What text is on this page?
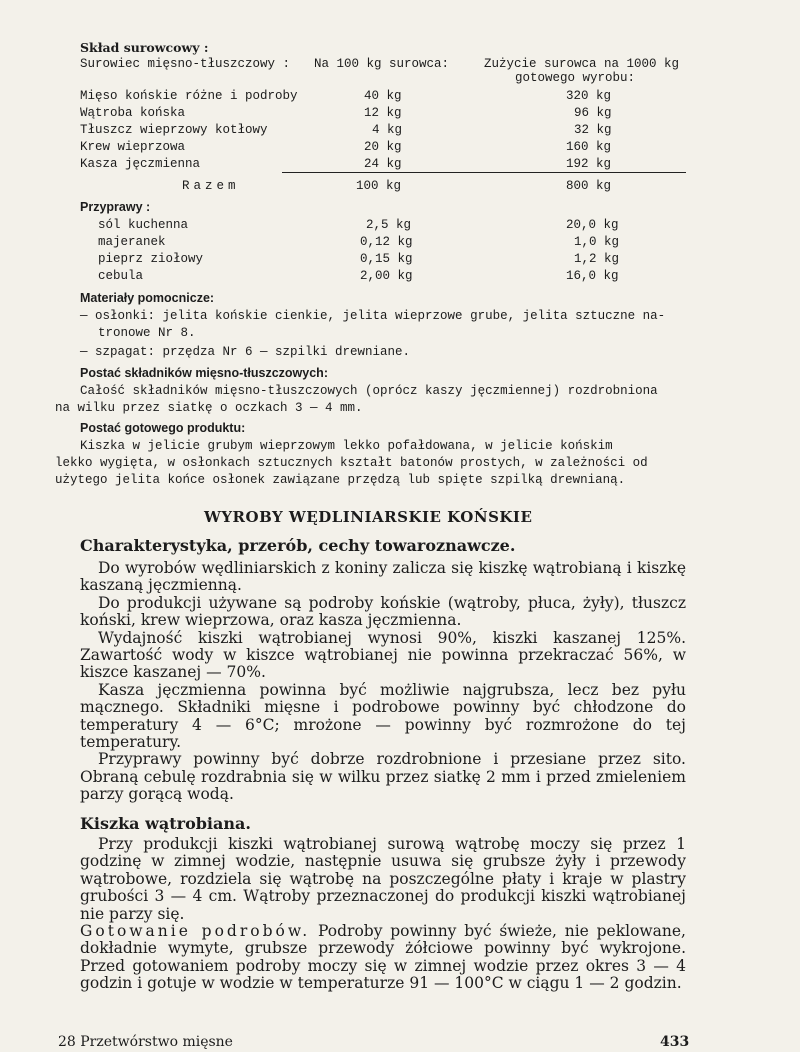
Skład surowcowy :
Surowiec mięsno-tłuszczowy : Na 100 kg surowca:	Zużycie surowca na 1000 kg
gotowego wyrobu:
Mięso końskie różne i podroby	40 kg	320 kg
Wątroba końska	12 kg	96 kg
Tłuszcz wieprzowy kotłowy	4 kg	32 kg
Krew wieprzowa	20 kg	160 kg
Kasza jęczmienna	24 kg	192 kg
Razem	100 kg	800 kg
Przyprawy :
sól kuchenna	2,5 kg	20,0 kg
majeranek	0,12 kg	1,0 kg
pieprz ziołowy	0,15 kg	1,2 kg
cebula	2,00 kg	16,0 kg
Materiały pomocnicze:
— osłonki: jelita końskie cienkie, jelita wieprzowe grube, jelita sztuczne na-
tronowe Nr 8.
— szpagat: przędza Nr 6 — szpilki drewniane.
Postać składników mięsno-tłuszczowych:
Całość składników mięsno-tłuszczowych (oprócz kaszy jęczmiennej) rozdrobniona
na wilku przez siatkę o oczkach 3 — 4 mm.
Postać gotowego produktu:
Kiszka w jelicie grubym wieprzowym lekko pofałdowana, w jelicie końskim
lekko wygięta, w osłonkach sztucznych kształt batonów prostych, w zależności od
użytego jelita końce osłonek zawiązane przędzą lub spięte szpilką drewnianą.
WYROBY WĘDLINIARSKIE KOŃSKIE
Charakterystyka, przerób, cechy towaroznawcze.

Do wyrobów wędliniarskich z koniny zalicza się kiszkę wątrobianą i kiszkę kaszaną jęczmienną.

Do produkcji używane są podroby końskie (wątroby, płuca, żyły), tłuszcz koński, krew wieprzowa, oraz kasza jęczmienna.

Wydajność kiszki wątrobianej wynosi 90%, kiszki kaszanej 125%. Zawartość wody w kiszce wątrobianej nie powinna przekraczać 56%, w kiszce kaszanej — 70%.

Kasza jęczmienna powinna być możliwie najgrubsza, lecz bez pyłu mącznego. Składniki mięsne i podrobowe powinny być chłodzone do temperatury 4 — 6°C; mrożone — powinny być rozmrożone do tej temperatury.

Przyprawy powinny być dobrze rozdrobnione i przesiane przez sito. Obraną cebulę rozdrabnia się w wilku przez siatkę 2 mm i przed zmieleniem parzy gorącą wodą.

Kiszka wątrobiana.

Przy produkcji kiszki wątrobianej surową wątrobę moczy się przez 1 godzinę w zimnej wodzie, następnie usuwa się grubsze żyły i przewody wątrobowe, rozdziela się wątrobę na poszczególne płaty i kraje w plastry grubości 3 — 4 cm. Wątroby przeznaczonej do produkcji kiszki wątrobianej nie parzy się.

Gotowanie podrobów. Podroby powinny być świeże, nie peklowane, dokładnie wymyte, grubsze przewody żółciowe powinny być wykrojone. Przed gotowaniem podroby moczy się w zimnej wodzie przez okres 3 — 4 godzin i gotuje w wodzie w temperaturze 91 — 100°C w ciągu 1 — 2 godzin.

28 Przetwórstwo mięsne	433
